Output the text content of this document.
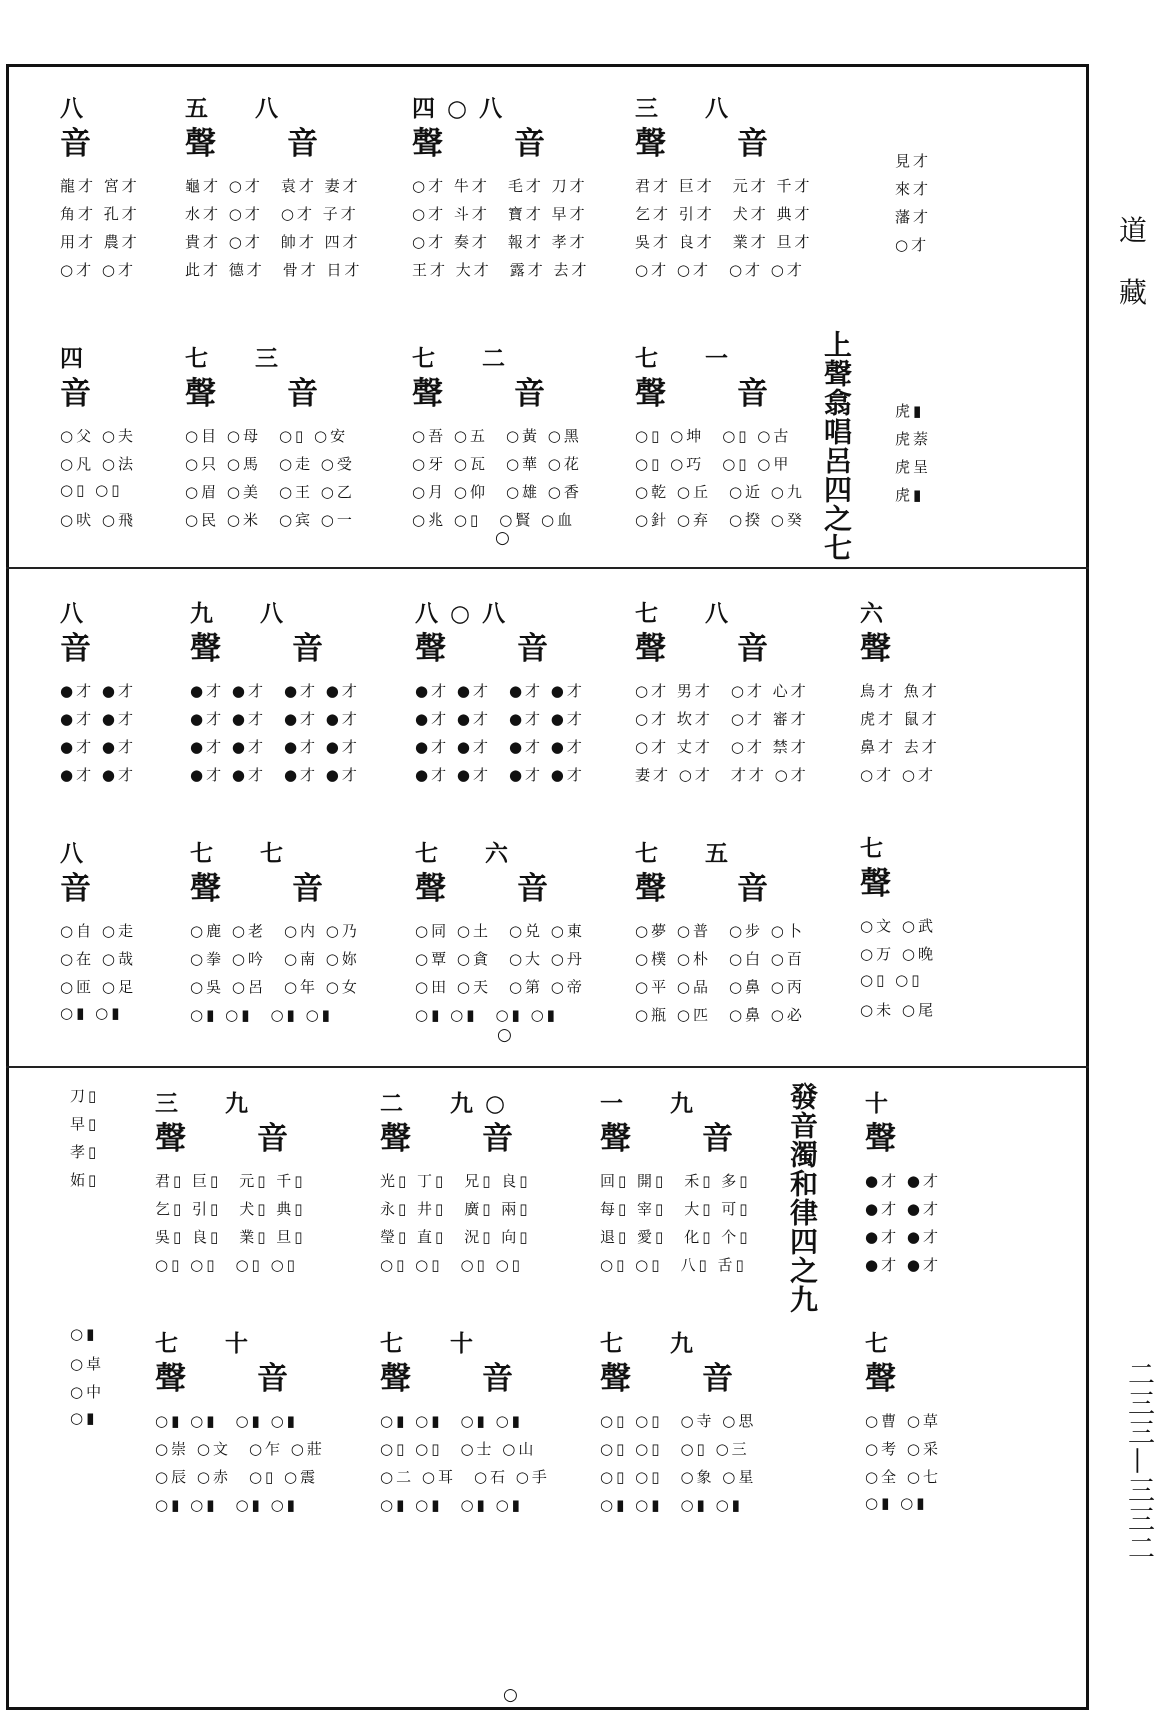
道 藏
二三三—三三二
上聲翕唱呂四之七
發音濁和律四之九
○
○
○
八
音
龍才 宮才
角才 孔才
用才 農才
○才 ○才
五　八
聲　音
龜才 ○才　袁才 妻才
水才 ○才　○才 子才
貴才 ○才　帥才 四才
此才 德才　骨才 日才
四○八
聲　音
○才 牛才　毛才 刀才
○才 斗才　寶才 早才
○才 奏才　報才 孝才
王才 大才　露才 去才
三　八
聲　音
君才 巨才　元才 千才
乞才 引才　犬才 典才
吳才 良才　業才 旦才
○才 ○才　○才 ○才
見才
來才
藩才
○才
四
音
○父 ○夫
○凡 ○法
○▯ ○▯
○吠 ○飛
七　三
聲　音
○目 ○母　○▯ ○安
○只 ○馬　○走 ○受
○眉 ○美　○王 ○乙
○民 ○米　○宾 ○一
七　二
聲　音
○吾 ○五　○黃 ○黑
○牙 ○瓦　○華 ○花
○月 ○仰　○雄 ○香
○兆 ○▯　○賢 ○血
七　一
聲　音
○▯ ○坤　○▯ ○古
○▯ ○巧　○▯ ○甲
○乾 ○丘　○近 ○九
○針 ○弃　○揆 ○癸
虎▮
虎萘
虎呈
虎▮
八
音
●才 ●才
●才 ●才
●才 ●才
●才 ●才
九　八
聲　音
●才 ●才　●才 ●才
●才 ●才　●才 ●才
●才 ●才　●才 ●才
●才 ●才　●才 ●才
八○八
聲　音
●才 ●才　●才 ●才
●才 ●才　●才 ●才
●才 ●才　●才 ●才
●才 ●才　●才 ●才
七　八
聲　音
○才 男才　○才 心才
○才 坎才　○才 審才
○才 丈才　○才 禁才
妻才 ○才　才才 ○才
六
聲
鳥才 魚才
虎才 鼠才
鼻才 去才
○才 ○才
八
音
○自 ○走
○在 ○哉
○匝 ○足
○▮ ○▮
七　七
聲　音
○鹿 ○老　○内 ○乃
○拳 ○吟　○南 ○妳
○吳 ○呂　○年 ○女
○▮ ○▮　○▮ ○▮
七　六
聲　音
○同 ○土　○兑 ○東
○覃 ○貪　○大 ○丹
○田 ○天　○第 ○帝
○▮ ○▮　○▮ ○▮
七　五
聲　音
○夢 ○普　○步 ○卜
○樸 ○朴　○白 ○百
○平 ○品　○鼻 ○丙
○瓶 ○匹　○鼻 ○必
七
聲
○文 ○武
○万 ○晚
○▯ ○▯
○未 ○尾
刀▯
早▯
孝▯
妬▯
三　九
聲　音
君▯ 巨▯　元▯ 千▯
乞▯ 引▯　犬▯ 典▯
吳▯ 良▯　業▯ 旦▯
○▯ ○▯　○▯ ○▯
二　九○
聲　音
光▯ 丁▯　兄▯ 良▯
永▯ 井▯　廣▯ 兩▯
瑩▯ 直▯　況▯ 向▯
○▯ ○▯　○▯ ○▯
一　九
聲　音
回▯ 開▯　禾▯ 多▯
每▯ 宰▯　大▯ 可▯
退▯ 愛▯　化▯ 个▯
○▯ ○▯　八▯ 舌▯
十
聲
●才 ●才
●才 ●才
●才 ●才
●才 ●才
○▮
○卓
○中
○▮
七　十
聲　音
○▮ ○▮　○▮ ○▮
○崇 ○文　○乍 ○莊
○辰 ○赤　○▯ ○震
○▮ ○▮　○▮ ○▮
七　十
聲　音
○▮ ○▮　○▮ ○▮
○▯ ○▯　○士 ○山
○二 ○耳　○石 ○手
○▮ ○▮　○▮ ○▮
七　九
聲　音
○▯ ○▯　○寺 ○思
○▯ ○▯　○▯ ○三
○▯ ○▯　○象 ○星
○▮ ○▮　○▮ ○▮
七
聲
○曹 ○草
○考 ○采
○全 ○七
○▮ ○▮
